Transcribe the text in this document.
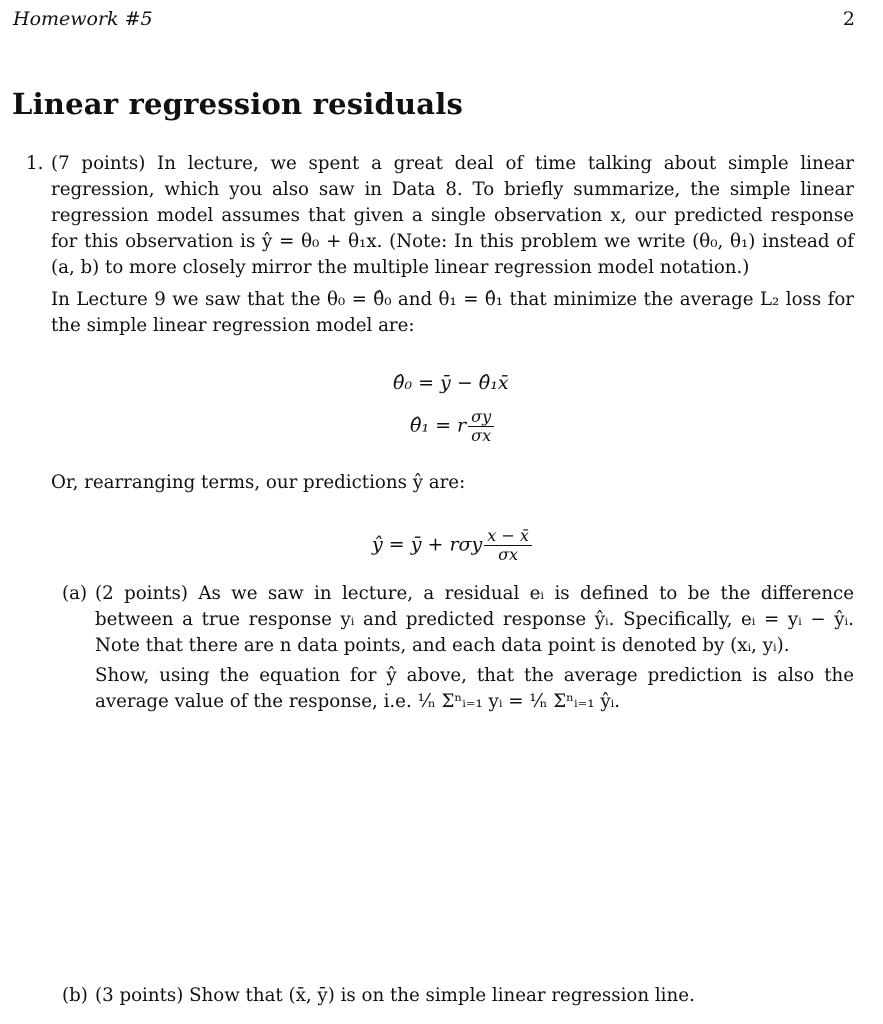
Homework #5	2
Linear regression residuals
1. (7 points) In lecture, we spent a great deal of time talking about simple linear regression, which you also saw in Data 8. To briefly summarize, the simple linear regression model assumes that given a single observation x, our predicted response for this observation is ŷ = θ₀ + θ₁x. (Note: In this problem we write (θ₀, θ₁) instead of (a, b) to more closely mirror the multiple linear regression model notation.)
In Lecture 9 we saw that the θ₀ = θ̂₀ and θ₁ = θ̂₁ that minimize the average L₂ loss for the simple linear regression model are:
θ̂₀ = ȳ − θ̂₁x̄
θ̂₁ = r $\frac{\sigma y}{\sigma x}$
Or, rearranging terms, our predictions ŷ are:
ŷ = ȳ + rσy $\frac{x - x̄}{\sigma x}$
(a) (2 points) As we saw in lecture, a residual eᵢ is defined to be the difference between a true response yᵢ and predicted response ŷᵢ. Specifically, eᵢ = yᵢ − ŷᵢ. Note that there are n data points, and each data point is denoted by (xᵢ, yᵢ).
Show, using the equation for ŷ above, that the average prediction is also the average value of the response, i.e. ¹⁄ₙ Σⁿᵢ₌₁ yᵢ = ¹⁄ₙ Σⁿᵢ₌₁ ŷᵢ.
(b) (3 points) Show that (x̄, ȳ) is on the simple linear regression line.
